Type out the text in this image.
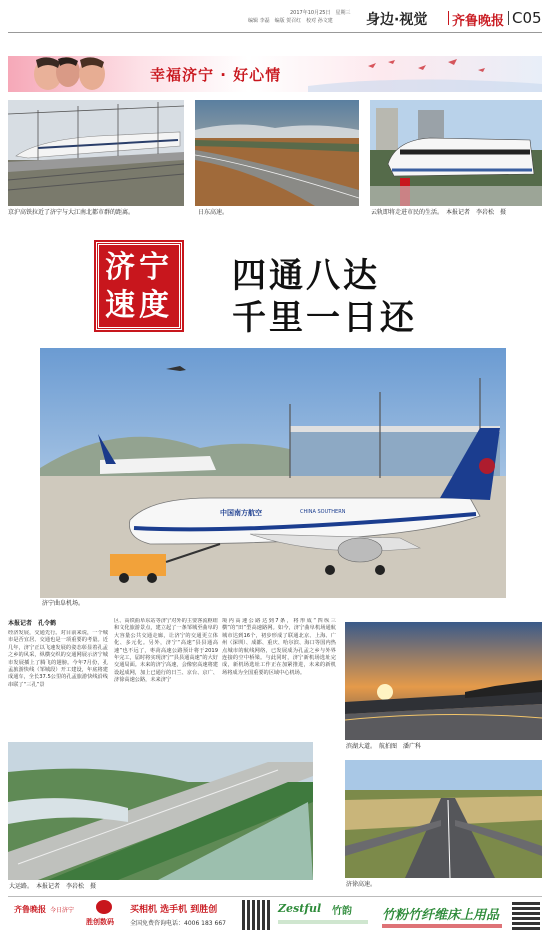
2017年10月25日　星期三
编辑 李磊　编版 贺召红　校对 孙文建 身边·视觉 齐鲁晚报 C05
幸福济宁 · 好心情
京沪高铁拉近了济宁与大江南北都市群的距离。	日东高速。	云轨即将走进市民的生活。　本报记者　李岩松　摄
济宁
速度
四通八达
千里一日还
中国南方航空	CHINA SOUTHERN
济宁曲阜机场。
本报记者　孔令鹤
经济发展，交通先行。对目前来说，一个城市是否宜居、交通也是一项重要的考量。近几年，济宁正以飞速发展的姿态彰显着孔孟之乡的风采，纵横交织的交通网展示济宁城市发展插上了腾飞的翅膀。今年7月份，孔孟旅游快线（邹城段）开工建设，年底将建成通车，全长37.5公里的孔孟旅游快线沿线串联了“三孔”景
区、高铁曲阜东站等济宁对外的主要客流枢纽和文化旅游景点，建立起了一条邹城至曲阜的大容量公共交通走廊，让济宁的交通更立体化、多元化。另外，济宁“高速”县县通高速”也不远了，枣菏高速公路预计将于2019年完工，届时将实现济宁“县县通高速”的大好交通局面。未来的济宁高速，会像密高速将建设起成网，加上已通行的日兰、京台、京广、济徐高速公路，未来济宁
境内高速公路达到7条，将形成“四纵三横”的“田”型高速路网。如今，济宁曲阜机场通航城市达到16个，初步形成了联通北京、上海、广州（深圳）、成都、重庆、哈尔滨、海口等国内热点城市的航线网络，已发展成为孔孟之乡与外界连接的空中桥梁。与此同时，济宁新机场选址完成，新机场选址工作正在加紧推进，未来的新机场将成为全国重要的区域中心机场。
滨湖大道。　航拍图　潘广科
济徐高速。
大运路。　本报记者　李岩松　摄
齐鲁晚报 今日济宁
胜创数码
买相机 选手机 到胜创
全国免费咨询电话：4006 183 667
Zestful 竹韵 竹粉竹纤维床上用品
